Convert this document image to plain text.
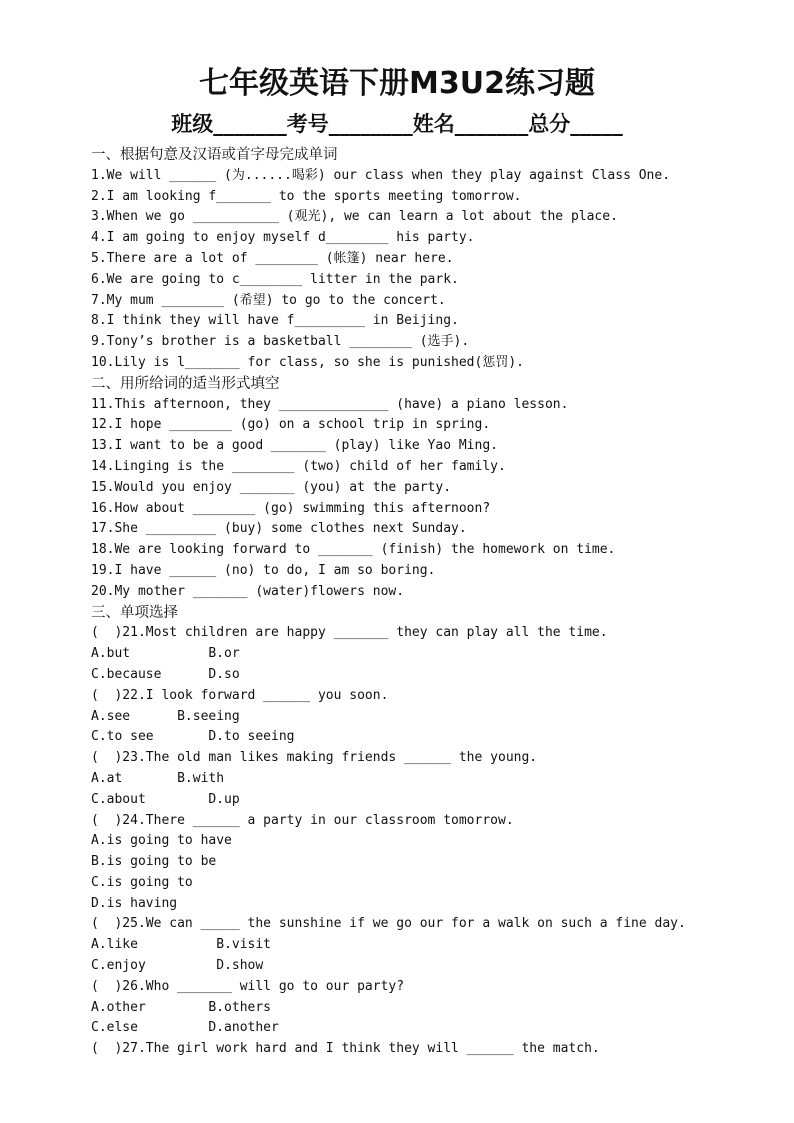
七年级英语下册M3U2练习题
班级_______考号________姓名_______总分_____
一、根据句意及汉语或首字母完成单词
1.We will ______ (为......喝彩) our class when they play against Class One.
2.I am looking f_______ to the sports meeting tomorrow.
3.When we go ___________ (观光), we can learn a lot about the place.
4.I am going to enjoy myself d________ his party.
5.There are a lot of ________ (帐篷) near here.
6.We are going to c________ litter in the park.
7.My mum ________ (希望) to go to the concert.
8.I think they will have f_________ in Beijing.
9.Tony’s brother is a basketball ________ (选手).
10.Lily is l_______ for class, so she is punished(惩罚).
二、用所给词的适当形式填空
11.This afternoon, they ______________ (have) a piano lesson.
12.I hope ________ (go) on a school trip in spring.
13.I want to be a good _______ (play) like Yao Ming.
14.Linging is the ________ (two) child of her family.
15.Would you enjoy _______ (you) at the party.
16.How about ________ (go) swimming this afternoon?
17.She _________ (buy) some clothes next Sunday.
18.We are looking forward to _______ (finish) the homework on time.
19.I have ______ (no) to do, I am so boring.
20.My mother _______ (water)flowers now.
三、单项选择
(  )21.Most children are happy _______ they can play all the time.
A.but          B.or
C.because      D.so
(  )22.I look forward ______ you soon.
A.see      B.seeing
C.to see       D.to seeing
(  )23.The old man likes making friends ______ the young.
A.at       B.with
C.about        D.up
(  )24.There ______ a party in our classroom tomorrow.
A.is going to have
B.is going to be
C.is going to
D.is having
(  )25.We can _____ the sunshine if we go our for a walk on such a fine day.
A.like          B.visit
C.enjoy         D.show
(  )26.Who _______ will go to our party?
A.other        B.others
C.else         D.another
(  )27.The girl work hard and I think they will ______ the match.
